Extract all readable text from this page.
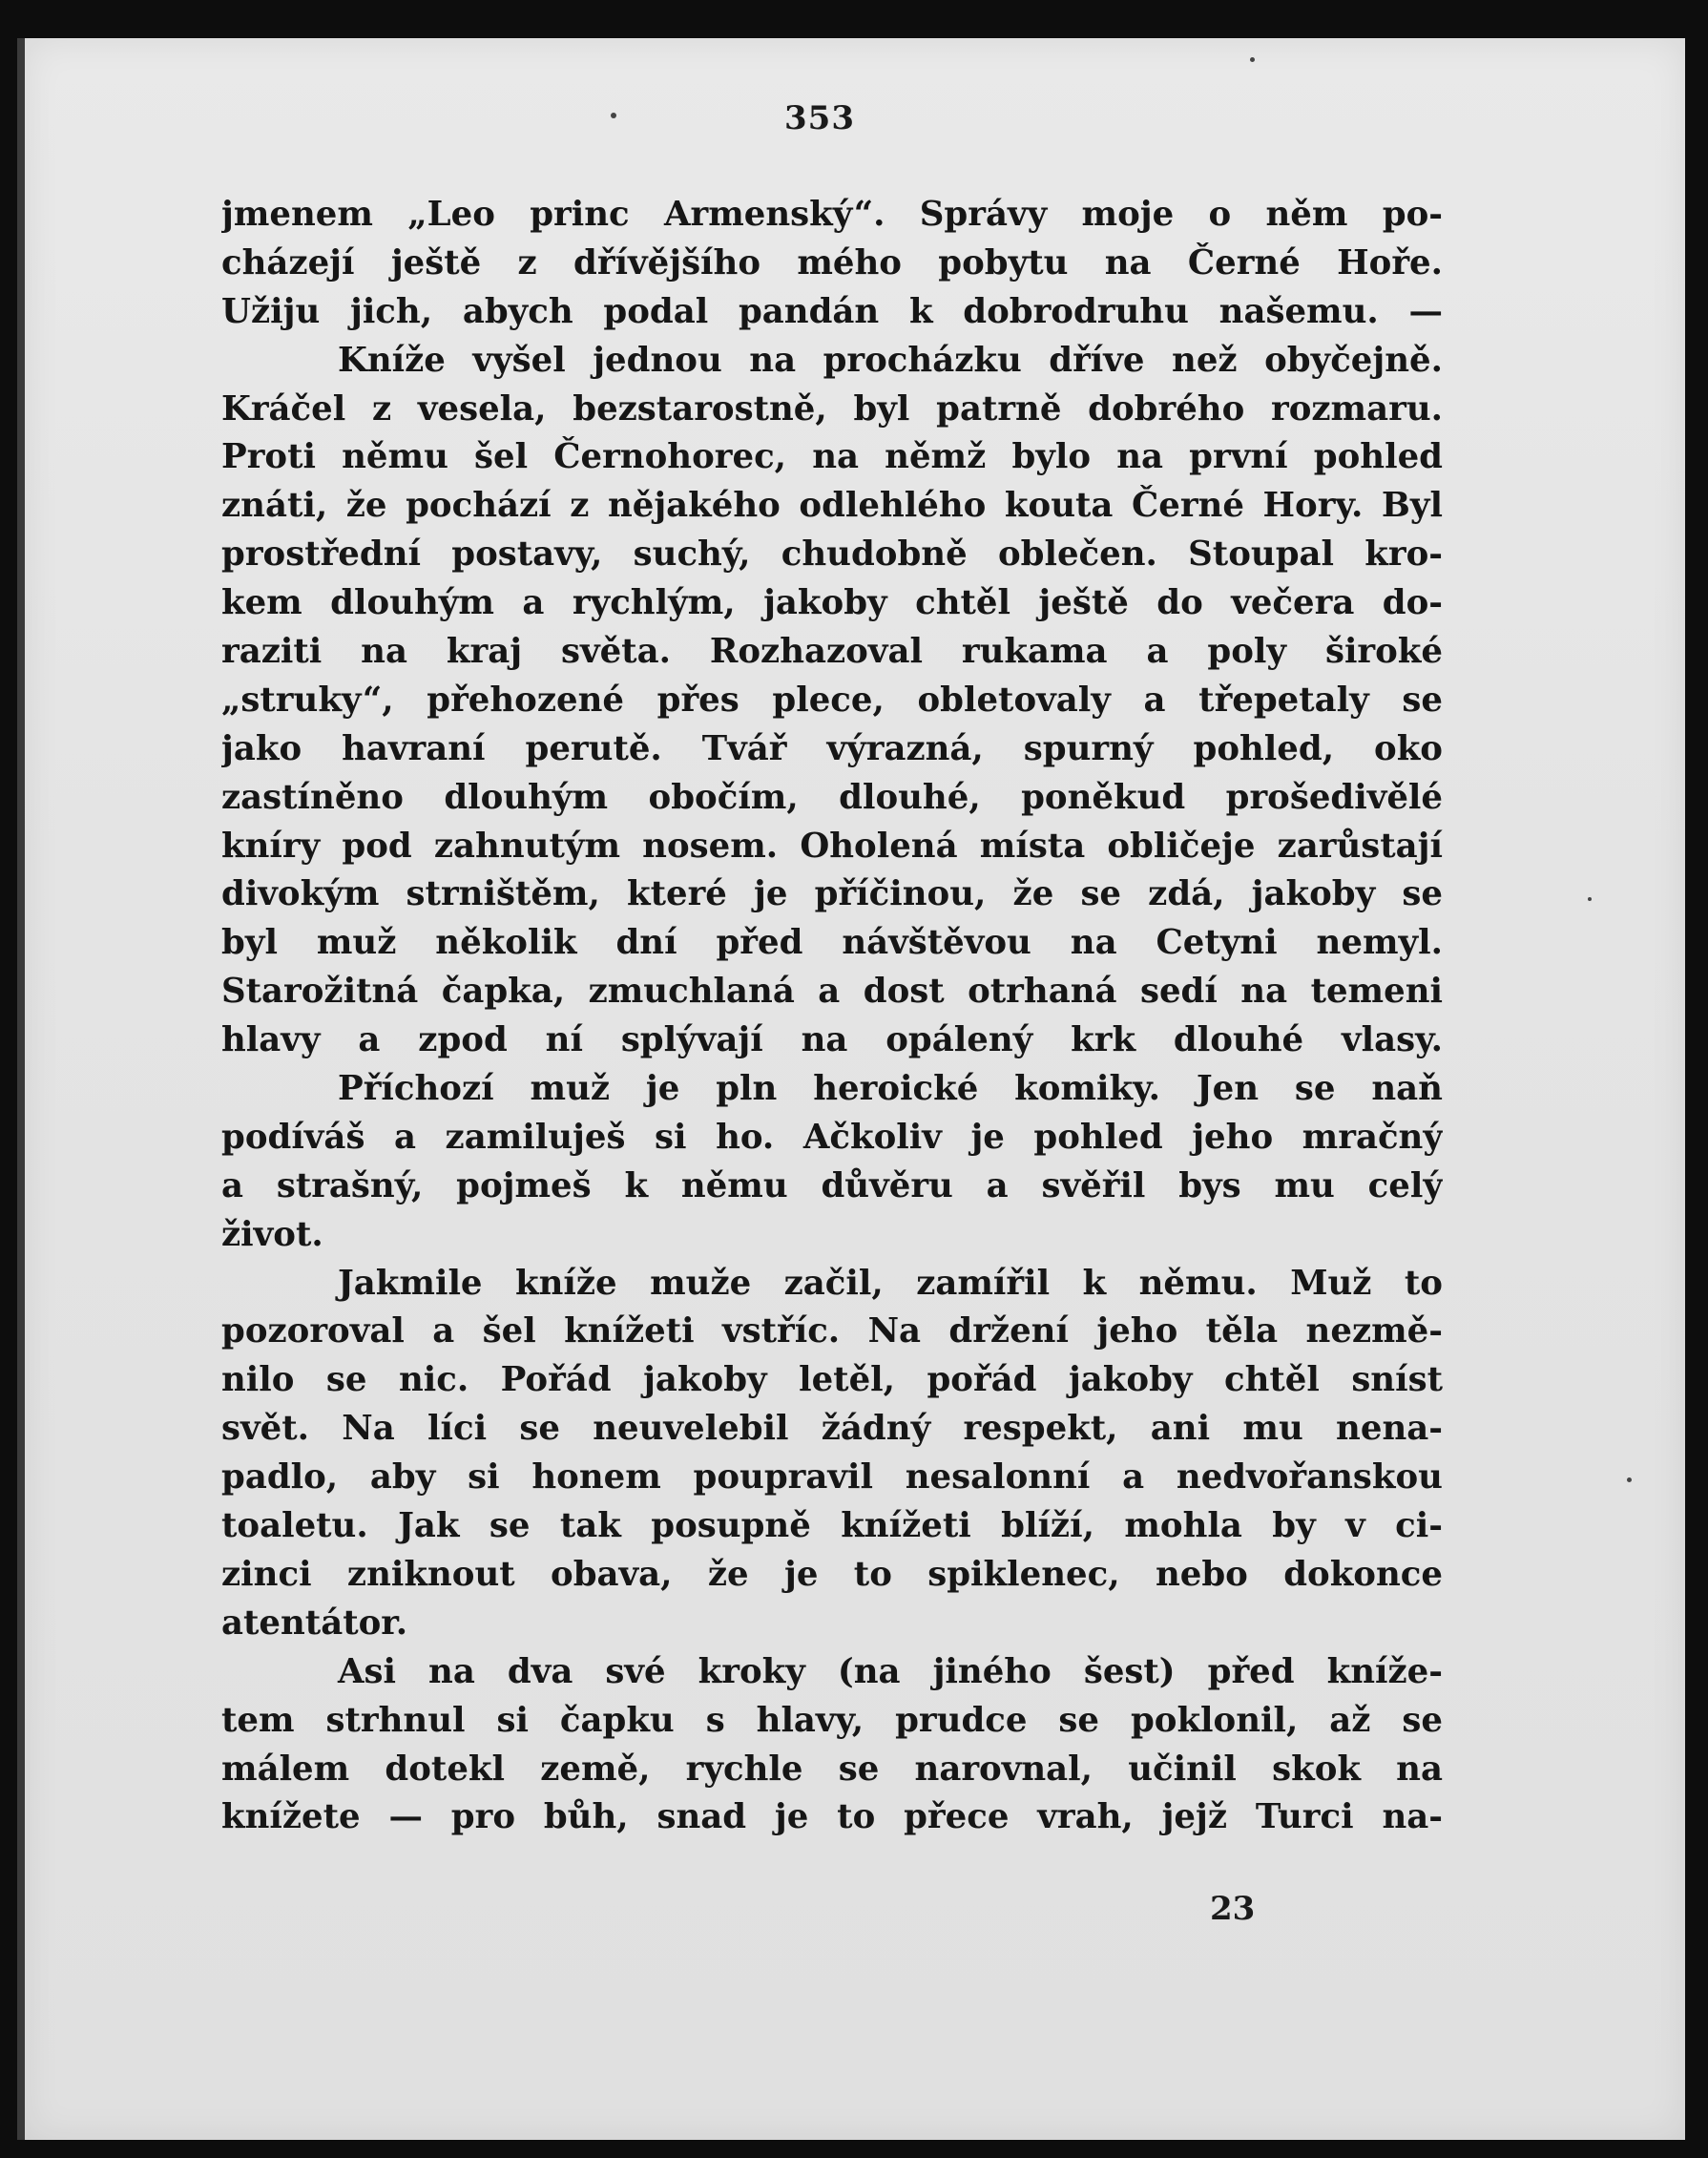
353
jmenem „Leo princ Armenský“. Správy moje o něm po-
cházejí ještě z dřívějšího mého pobytu na Černé Hoře.
Užiju jich, abych podal pandán k dobrodruhu našemu. —
Kníže vyšel jednou na procházku dříve než obyčejně.
Kráčel z vesela, bezstarostně, byl patrně dobrého rozmaru.
Proti němu šel Černohorec, na němž bylo na první pohled
znáti, že pochází z nějakého odlehlého kouta Černé Hory. Byl
prostřední postavy, suchý, chudobně oblečen. Stoupal kro-
kem dlouhým a rychlým, jakoby chtěl ještě do večera do-
raziti na kraj světa. Rozhazoval rukama a poly široké
„struky“, přehozené přes plece, obletovaly a třepetaly se
jako havraní perutě. Tvář výrazná, spurný pohled, oko
zastíněno dlouhým obočím, dlouhé, poněkud prošedivělé
kníry pod zahnutým nosem. Oholená místa obličeje zarůstají
divokým strništěm, které je příčinou, že se zdá, jakoby se
byl muž několik dní před návštěvou na Cetyni nemyl.
Starožitná čapka, zmuchlaná a dost otrhaná sedí na temeni
hlavy a zpod ní splývají na opálený krk dlouhé vlasy.
Příchozí muž je pln heroické komiky. Jen se naň
podíváš a zamiluješ si ho. Ačkoliv je pohled jeho mračný
a strašný, pojmeš k němu důvěru a svěřil bys mu celý
život.
Jakmile kníže muže začil, zamířil k němu. Muž to
pozoroval a šel knížeti vstříc. Na držení jeho těla nezmě-
nilo se nic. Pořád jakoby letěl, pořád jakoby chtěl sníst
svět. Na líci se neuvelebil žádný respekt, ani mu nena-
padlo, aby si honem poupravil nesalonní a nedvořanskou
toaletu. Jak se tak posupně knížeti blíží, mohla by v ci-
zinci zniknout obava, že je to spiklenec, nebo dokonce
atentátor.
Asi na dva své kroky (na jiného šest) před kníže-
tem strhnul si čapku s hlavy, prudce se poklonil, až se
málem dotekl země, rychle se narovnal, učinil skok na
knížete — pro bůh, snad je to přece vrah, jejž Turci na-
23
